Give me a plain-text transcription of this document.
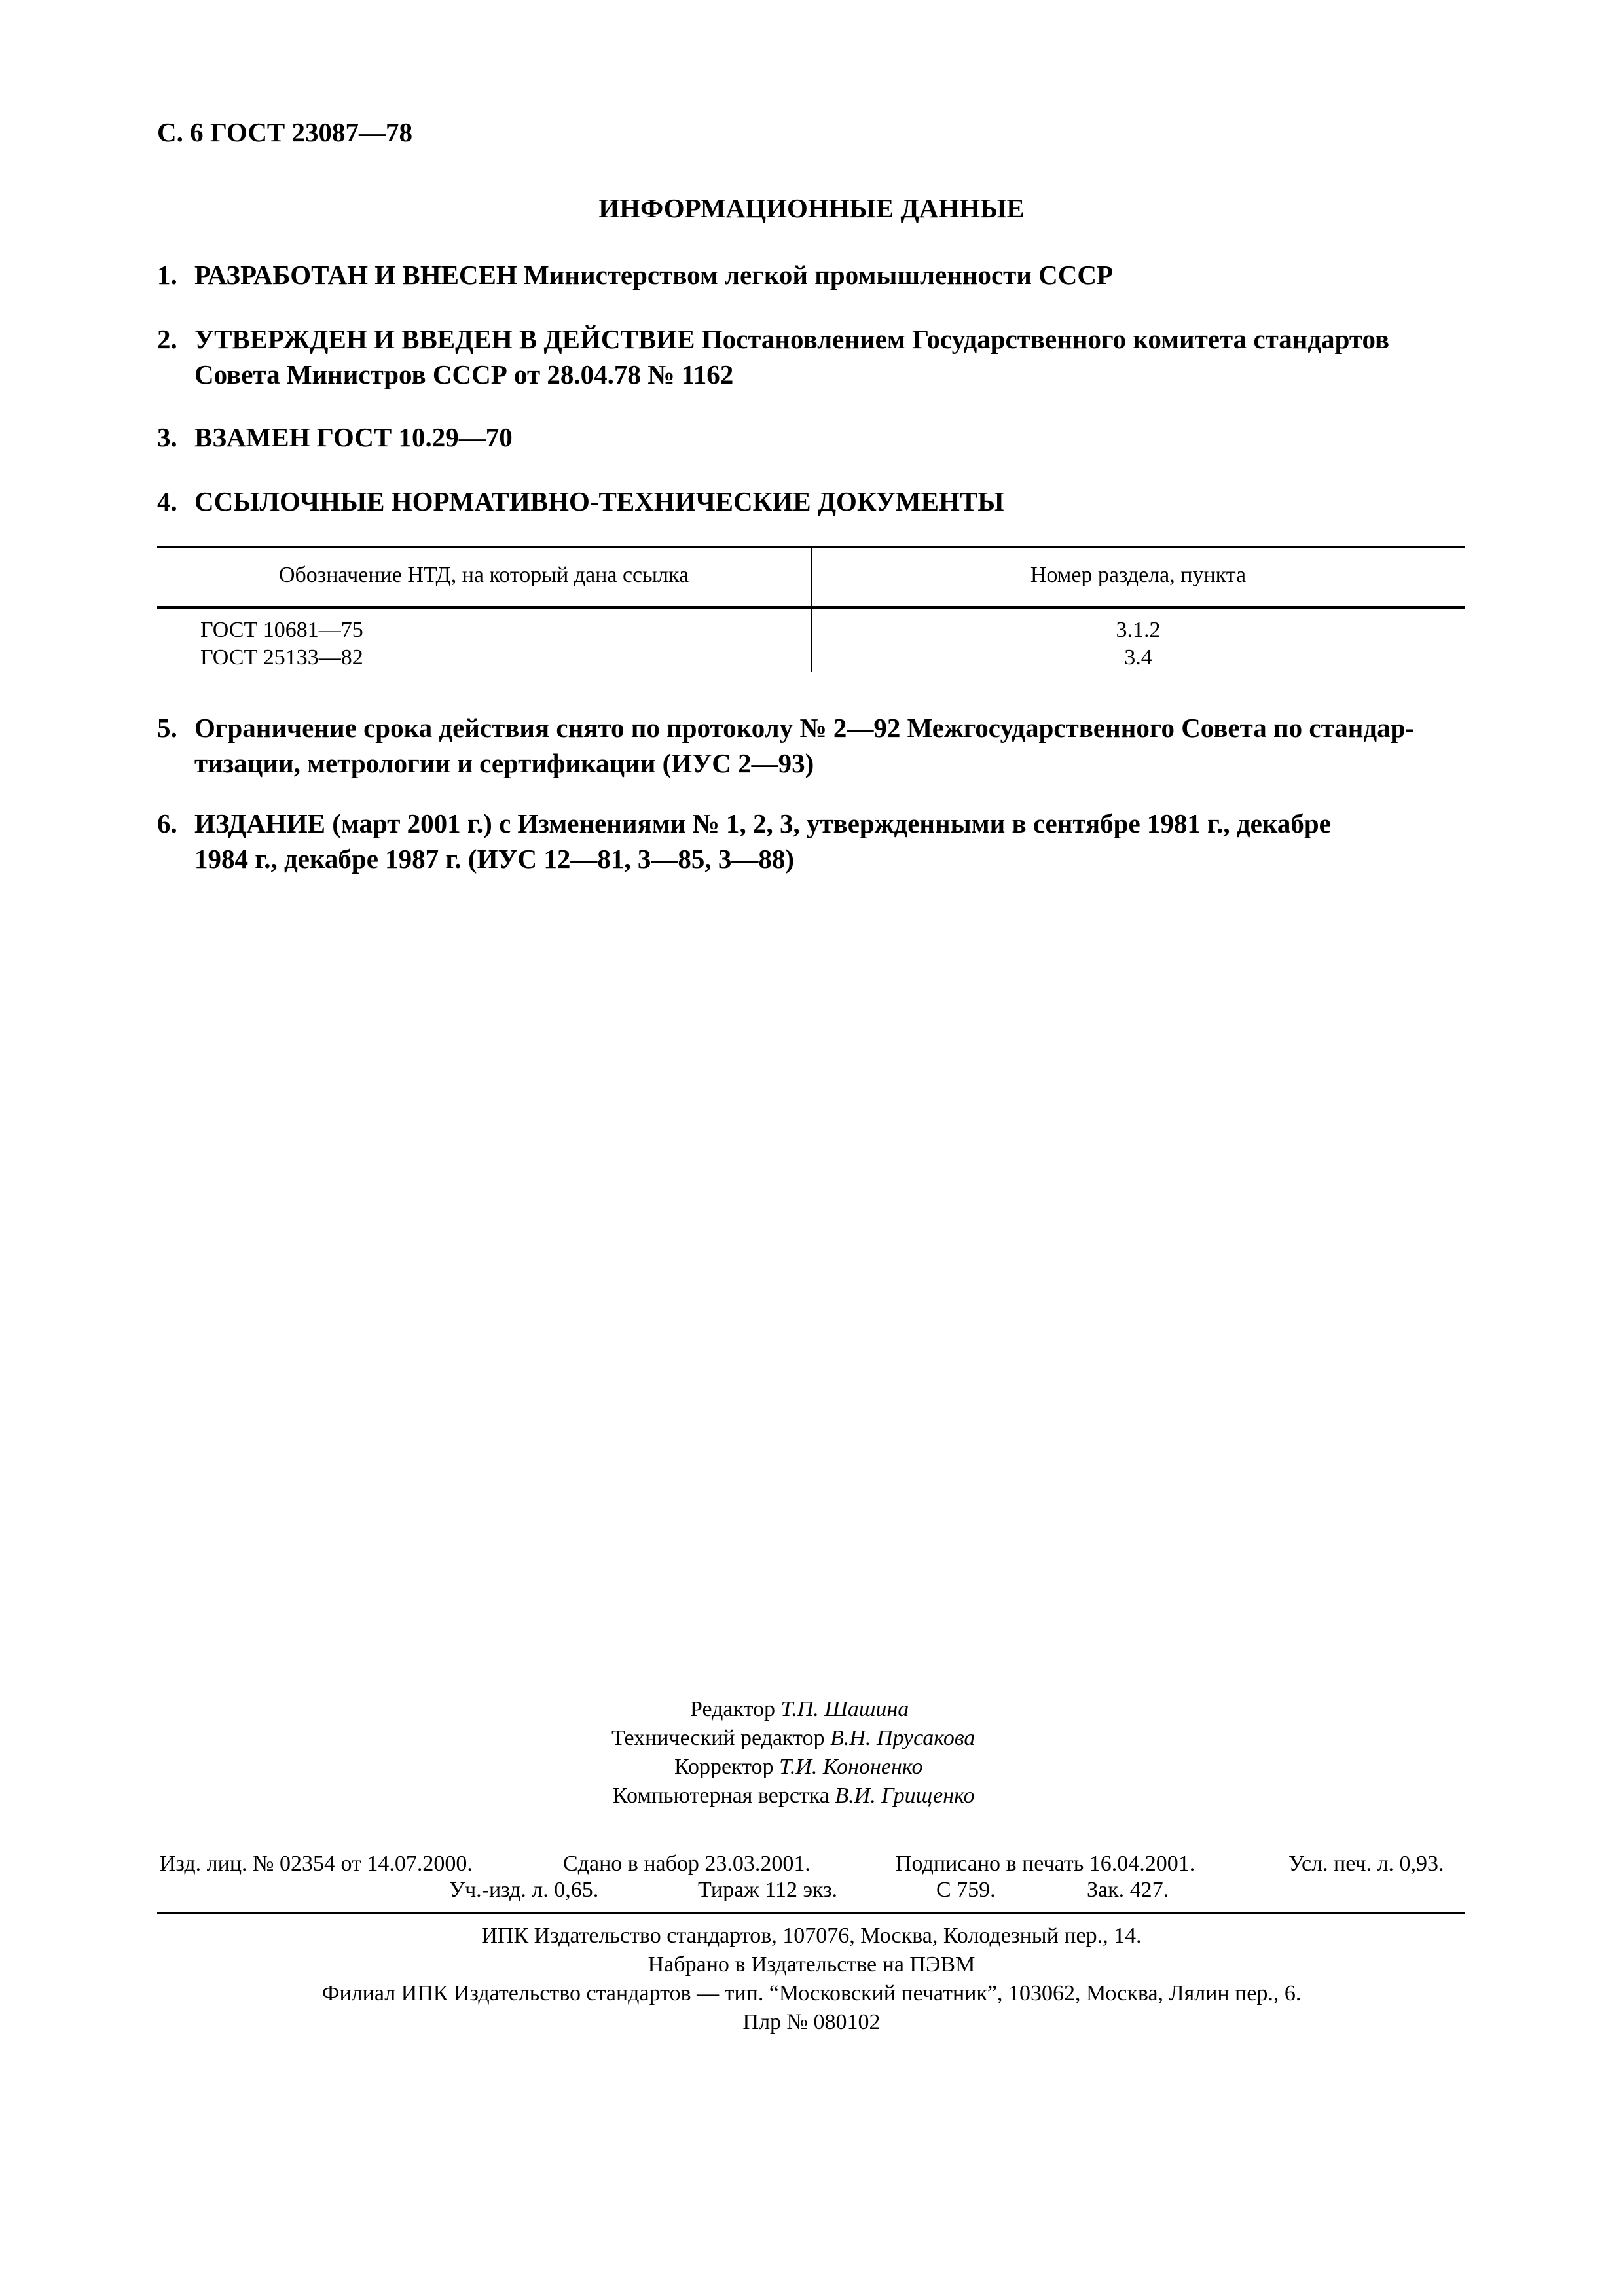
С. 6 ГОСТ 23087—78
ИНФОРМАЦИОННЫЕ ДАННЫЕ
1. РАЗРАБОТАН И ВНЕСЕН Министерством легкой промышленности СССР
2. УТВЕРЖДЕН И ВВЕДЕН В ДЕЙСТВИЕ Постановлением Государственного комитета стандартов
Совета Министров СССР от 28.04.78 № 1162
3. ВЗАМЕН ГОСТ 10.29—70
4. ССЫЛОЧНЫЕ НОРМАТИВНО-ТЕХНИЧЕСКИЕ ДОКУМЕНТЫ
Обозначение НТД, на который дана ссылка	Номер раздела, пункта
ГОСТ 10681—75	3.1.2
ГОСТ 25133—82	3.4
5. Ограничение срока действия снято по протоколу № 2—92 Межгосударственного Совета по стандар-
тизации, метрологии и сертификации (ИУС 2—93)
6. ИЗДАНИЕ (март 2001 г.) с Изменениями № 1, 2, 3, утвержденными в сентябре 1981 г., декабре
1984 г., декабре 1987 г. (ИУС 12—81, 3—85, 3—88)
Редактор Т.П. Шашина
Технический редактор В.Н. Прусакова
Корректор Т.И. Кононенко
Компьютерная верстка В.И. Грищенко
Изд. лиц. № 02354 от 14.07.2000.	Сдано в набор 23.03.2001.	Подписано в печать 16.04.2001.	Усл. печ. л. 0,93.
Уч.-изд. л. 0,65.	Тираж 112 экз.	С 759.	Зак. 427.
ИПК Издательство стандартов, 107076, Москва, Колодезный пер., 14.
Набрано в Издательстве на ПЭВМ
Филиал ИПК Издательство стандартов — тип. “Московский печатник”, 103062, Москва, Лялин пер., 6.
Плр № 080102
